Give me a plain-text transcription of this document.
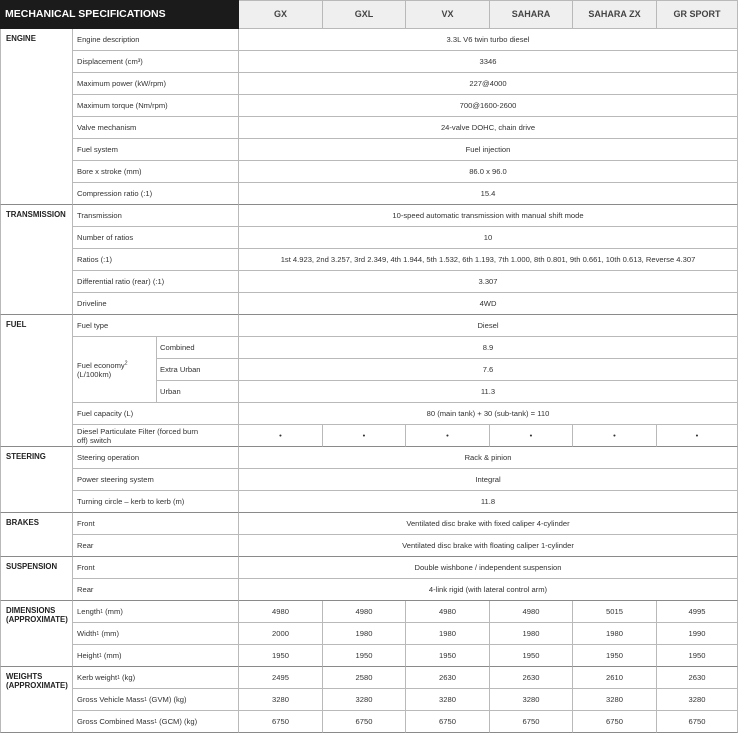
MECHANICAL SPECIFICATIONS	GX	GXL	VX	SAHARA	SAHARA ZX	GR SPORT
ENGINE	Engine description	3.3L V6 twin turbo diesel
Displacement (cm³)	3346
Maximum power (kW/rpm)	227@4000
Maximum torque (Nm/rpm)	700@1600-2600
Valve mechanism	24-valve DOHC, chain drive
Fuel system	Fuel injection
Bore x stroke (mm)	86.0 x 96.0
Compression ratio (:1)	15.4
TRANSMISSION	Transmission	10-speed automatic transmission with manual shift mode
Number of ratios	10
Ratios (:1)	1st 4.923, 2nd 3.257, 3rd 2.349, 4th 1.944, 5th 1.532, 6th 1.193, 7th 1.000, 8th 0.801, 9th 0.661, 10th 0.613, Reverse 4.307
Differential ratio (rear) (:1)	3.307
Driveline	4WD
FUEL	Fuel type	Diesel
Fuel economy$^2$
(L/100km)
Combined	8.9
Extra Urban	7.6
Urban	11.3
Fuel capacity (L)	80 (main tank) + 30 (sub-tank) = 110
Diesel Particulate Filter (forced burn off) switch	•	•	•	•	•	•
STEERING	Steering operation	Rack & pinion
Power steering system	Integral
Turning circle – kerb to kerb (m)	11.8
BRAKES	Front	Ventilated disc brake with fixed caliper 4-cylinder
Rear	Ventilated disc brake with floating caliper 1-cylinder
SUSPENSION	Front	Double wishbone / independent suspension
Rear	4-link rigid (with lateral control arm)
DIMENSIONS (APPROXIMATE)
Length 1
(mm)	4980	4980	4980	4980	5015	4995
Width 1
(mm)	2000	1980	1980	1980	1980	1990
Height 1
(mm)	1950	1950	1950	1950	1950	1950
WEIGHTS (APPROXIMATE)
Kerb weight 1
(kg)	2495	2580	2630	2630	2610	2630
Gross Vehicle Mass 1
(GVM) (kg)	3280	3280	3280	3280	3280	3280
Gross Combined Mass 1
(GCM) (kg)	6750	6750	6750	6750	6750	6750
